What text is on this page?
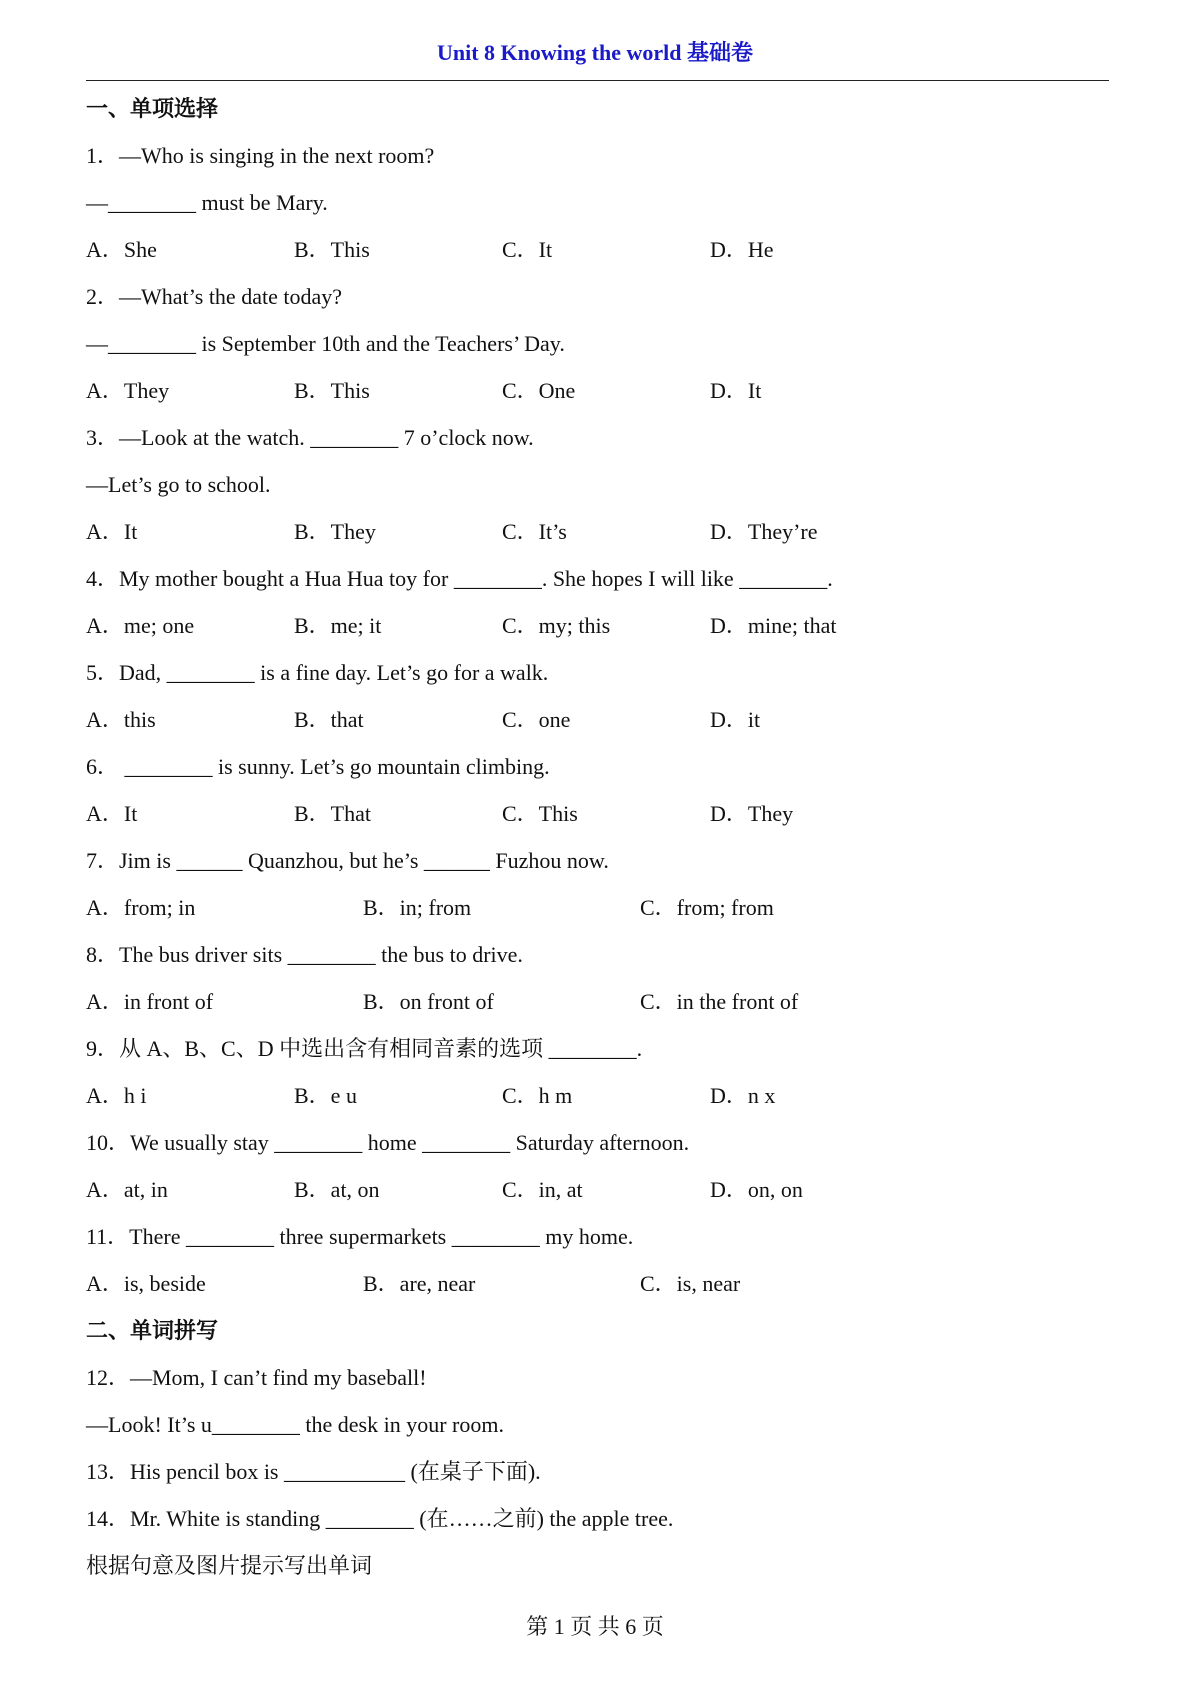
Unit 8 Knowing the world 基础卷
一、单项选择
1．—Who is singing in the next room?
—________ must be Mary.
A．She	B．This	C．It	D．He
2．—What’s the date today?
—________ is September 10th and the Teachers’ Day.
A．They	B．This	C．One	D．It
3．—Look at the watch. ________ 7 o’clock now.
—Let’s go to school.
A．It	B．They	C．It’s	D．They’re
4．My mother bought a Hua Hua toy for ________. She hopes I will like ________.
A．me; one	B．me; it	C．my; this	D．mine; that
5．Dad, ________ is a fine day. Let’s go for a walk.
A．this	B．that	C．one	D．it
6． ________ is sunny. Let’s go mountain climbing.
A．It	B．That	C．This	D．They
7．Jim is ______ Quanzhou, but he’s ______ Fuzhou now.
A．from; in	B．in; from	C．from; from
8．The bus driver sits ________ the bus to drive.
A．in front of	B．on front of	C．in the front of
9．从 A、B、C、D 中选出含有相同音素的选项 ________.
A．h i	B．e u	C．h m	D．n x
10．We usually stay ________ home ________ Saturday afternoon.
A．at, in	B．at, on	C．in, at	D．on, on
11．There ________ three supermarkets ________ my home.
A．is, beside	B．are, near	C．is, near
二、单词拼写
12．—Mom, I can’t find my baseball!
—Look! It’s u________ the desk in your room.
13．His pencil box is ___________ (在桌子下面).
14．Mr. White is standing ________ (在……之前) the apple tree.
根据句意及图片提示写出单词
第 1 页 共 6 页
